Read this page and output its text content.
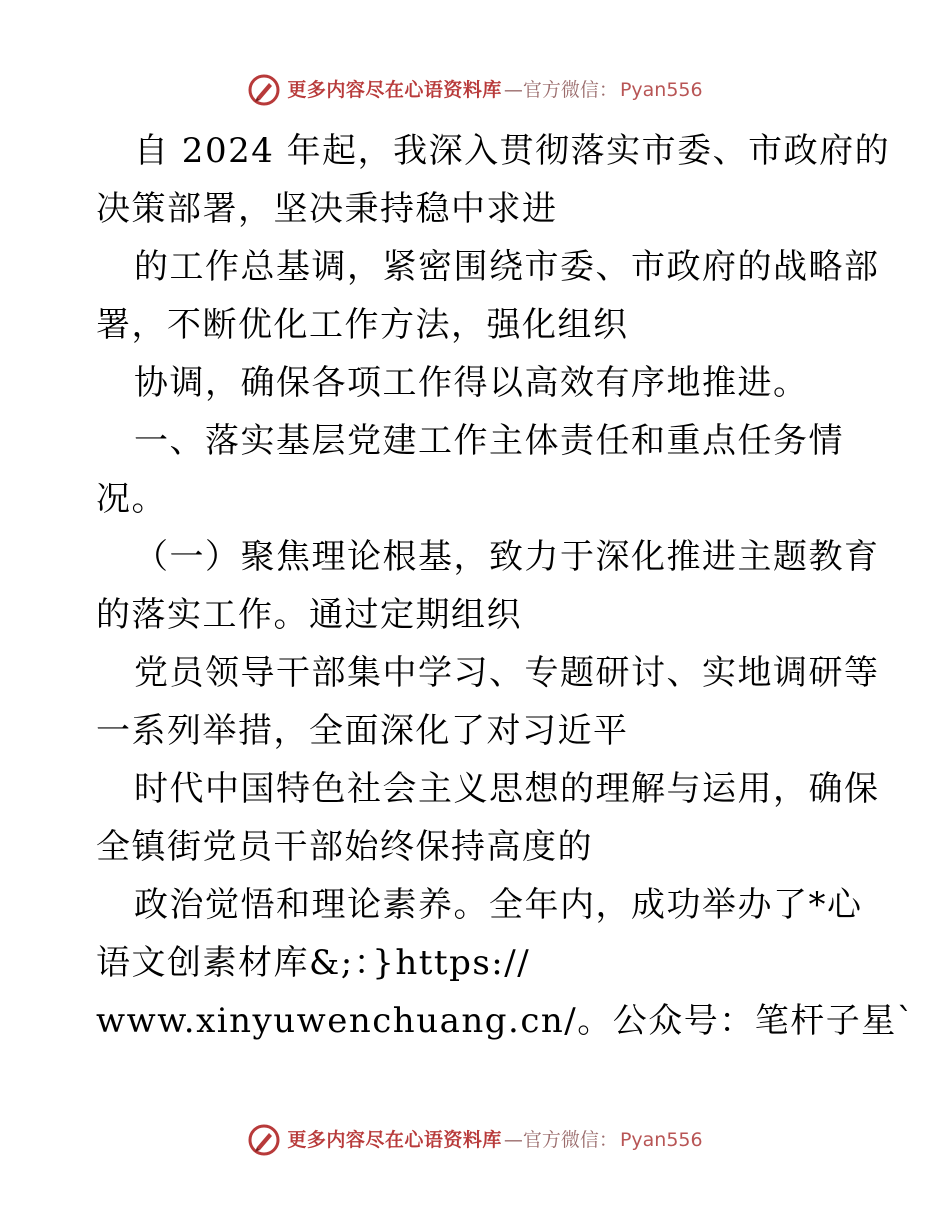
更多内容尽在心语资料库 —官方微信： Pyan556
自 2024 年起，我深入贯彻落实市委、市政府的
决策部署，坚决秉持稳中求进
的工作总基调，紧密围绕市委、市政府的战略部
署，不断优化工作方法，强化组织
协调，确保各项工作得以高效有序地推进。
一、落实基层党建工作主体责任和重点任务情
况。
（一）聚焦理论根基，致力于深化推进主题教育
的落实工作。通过定期组织
党员领导干部集中学习、专题研讨、实地调研等
一系列举措，全面深化了对习近平
时代中国特色社会主义思想的理解与运用，确保
全镇街党员干部始终保持高度的
政治觉悟和理论素养。全年内，成功举办了*心
语文创素材库&;：}https://
www.xinyuwenchuang.cn/。公众号：笔杆子星`
更多内容尽在心语资料库 —官方微信： Pyan556
